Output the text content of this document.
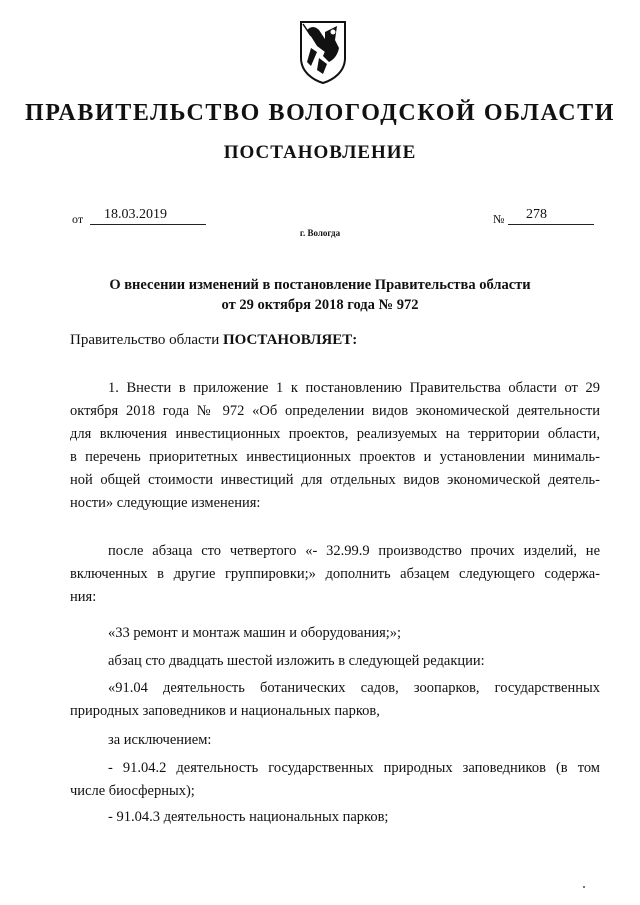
ПРАВИТЕЛЬСТВО ВОЛОГОДСКОЙ ОБЛАСТИ
ПОСТАНОВЛЕНИЕ
от 18.03.2019	№ 278
г. Вологда
О внесении изменений в постановление Правительства области
от 29 октября 2018 года № 972
Правительство области ПОСТАНОВЛЯЕТ:
1. Внести в приложение 1 к постановлению Правительства области от 29
октября 2018 года № 972 «Об определении видов экономической деятельности
для включения инвестиционных проектов, реализуемых на территории области,
в перечень приоритетных инвестиционных проектов и установлении минималь-
ной общей стоимости инвестиций для отдельных видов экономической деятель-
ности» следующие изменения:
после абзаца сто четвертого «- 32.99.9 производство прочих изделий, не
включенных в другие группировки;» дополнить абзацем следующего содержа-
ния:
«33 ремонт и монтаж машин и оборудования;»;
абзац сто двадцать шестой изложить в следующей редакции:
«91.04 деятельность ботанических садов, зоопарков, государственных
природных заповедников и национальных парков,
за исключением:
- 91.04.2 деятельность государственных природных заповедников (в том
числе биосферных);
- 91.04.3 деятельность национальных парков;
